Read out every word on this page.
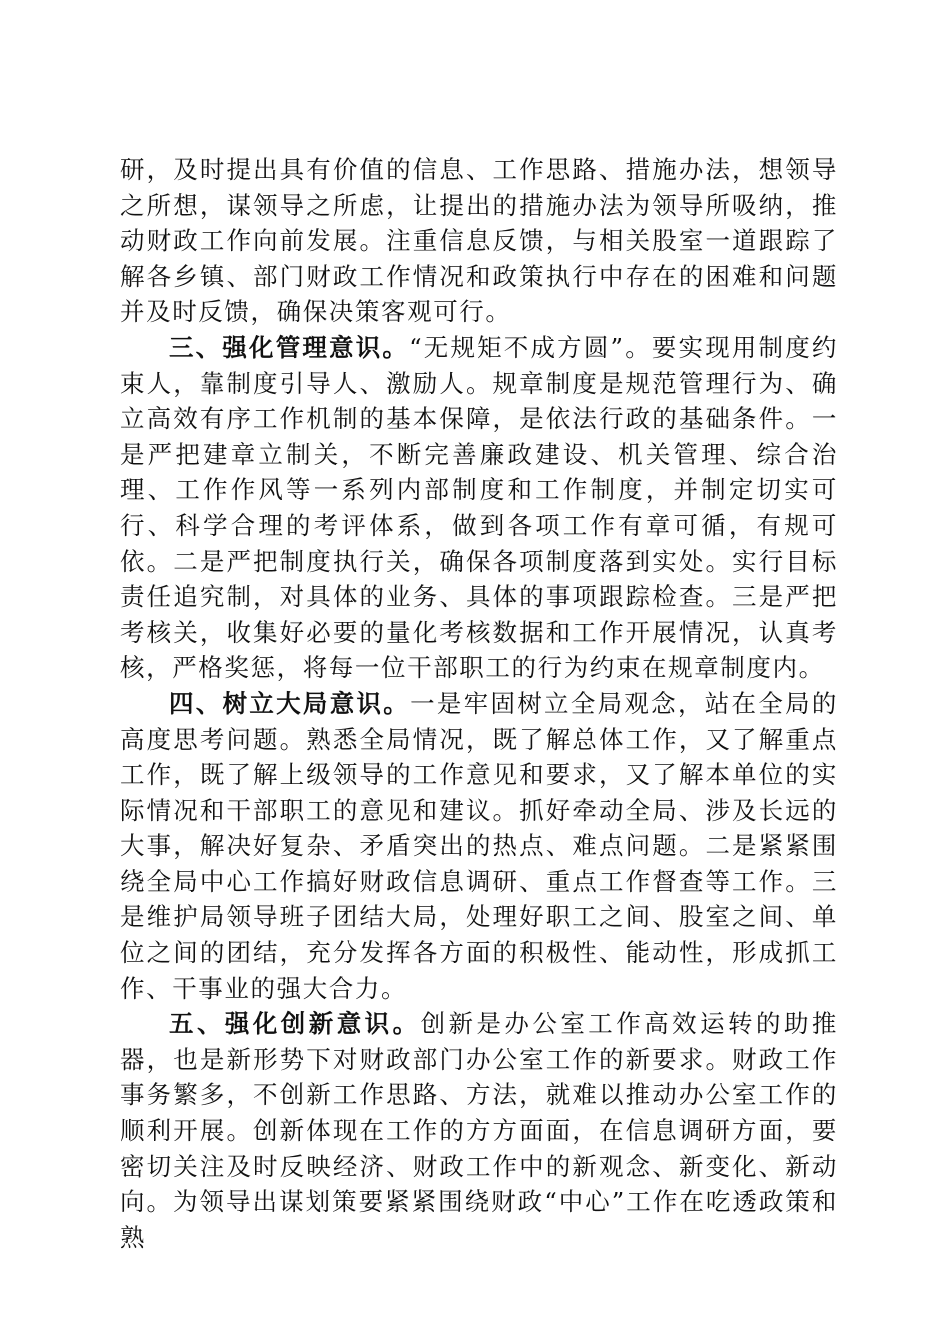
研，及时提出具有价值的信息、工作思路、措施办法，想领导之所想，谋领导之所虑，让提出的措施办法为领导所吸纳，推动财政工作向前发展。注重信息反馈，与相关股室一道跟踪了解各乡镇、部门财政工作情况和政策执行中存在的困难和问题并及时反馈，确保决策客观可行。

三、强化管理意识。“无规矩不成方圆”。要实现用制度约束人，靠制度引导人、激励人。规章制度是规范管理行为、确立高效有序工作机制的基本保障，是依法行政的基础条件。一是严把建章立制关，不断完善廉政建设、机关管理、综合治理、工作作风等一系列内部制度和工作制度，并制定切实可行、科学合理的考评体系，做到各项工作有章可循，有规可依。二是严把制度执行关，确保各项制度落到实处。实行目标责任追究制，对具体的业务、具体的事项跟踪检查。三是严把考核关，收集好必要的量化考核数据和工作开展情况，认真考核，严格奖惩，将每一位干部职工的行为约束在规章制度内。

四、树立大局意识。一是牢固树立全局观念，站在全局的高度思考问题。熟悉全局情况，既了解总体工作，又了解重点工作，既了解上级领导的工作意见和要求，又了解本单位的实际情况和干部职工的意见和建议。抓好牵动全局、涉及长远的大事，解决好复杂、矛盾突出的热点、难点问题。二是紧紧围绕全局中心工作搞好财政信息调研、重点工作督查等工作。三是维护局领导班子团结大局，处理好职工之间、股室之间、单位之间的团结，充分发挥各方面的积极性、能动性，形成抓工作、干事业的强大合力。

五、强化创新意识。创新是办公室工作高效运转的助推器，也是新形势下对财政部门办公室工作的新要求。财政工作事务繁多，不创新工作思路、方法，就难以推动办公室工作的顺利开展。创新体现在工作的方方面面，在信息调研方面，要密切关注及时反映经济、财政工作中的新观念、新变化、新动向。为领导出谋划策要紧紧围绕财政“中心”工作在吃透政策和熟
